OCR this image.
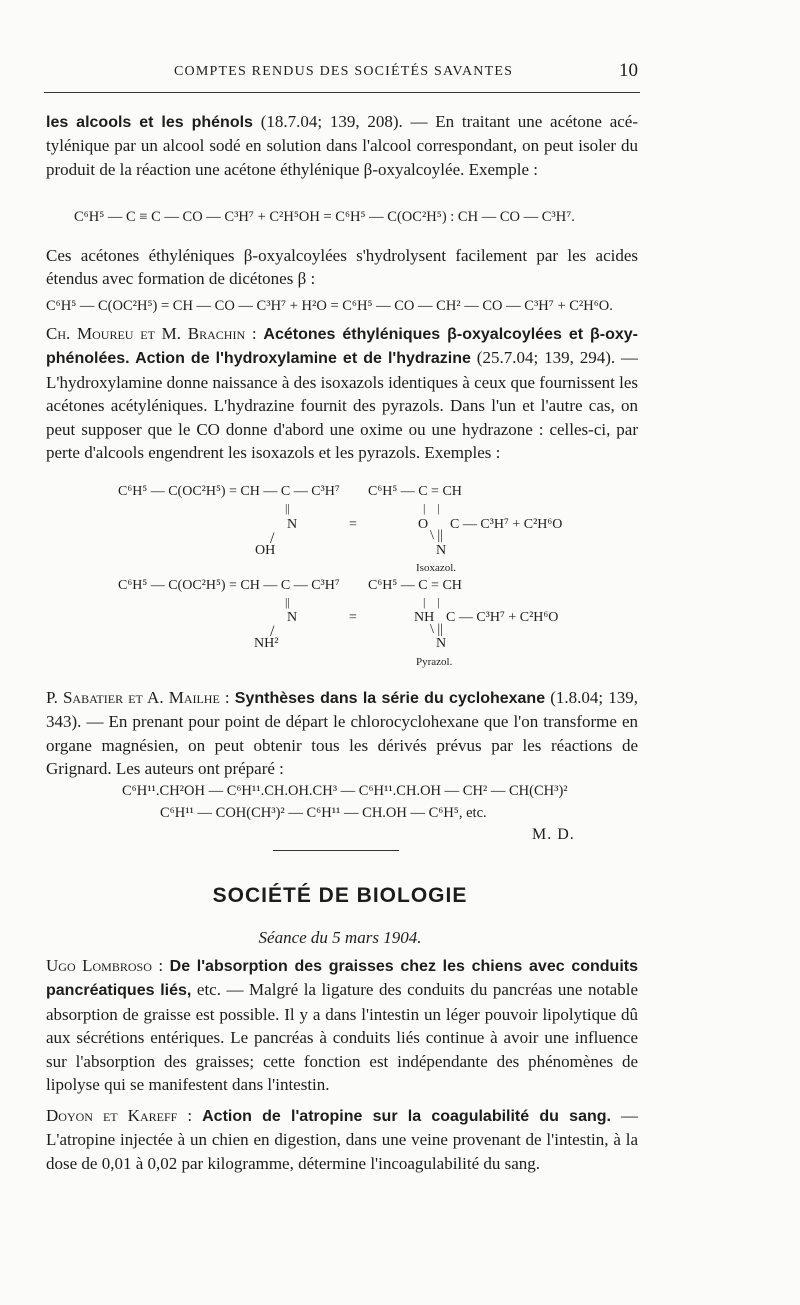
COMPTES RENDUS DES SOCIÉTÉS SAVANTES	10
les alcools et les phénols (18.7.04; 139, 208). — En traitant une acétone acé-tylénique par un alcool sodé en solution dans l'alcool correspondant, on peut isoler du produit de la réaction une acétone éthylénique β-oxyalcoylée. Exemple :
C⁶H⁵ — C ≡ C — CO — C³H⁷ + C²H⁵OH = C⁶H⁵ — C(OC²H⁵) : CH — CO — C³H⁷.
Ces acétones éthyléniques β-oxyalcoylées s'hydrolysent facilement par les acides étendus avec formation de dicétones β :
C⁶H⁵ — C(OC²H⁵) = CH — CO — C³H⁷ + H²O = C⁶H⁵ — CO — CH² — CO — C³H⁷ + C²H⁶O.
Ch. Moureu et M. Brachin : Acétones éthyléniques β-oxyalcoylées et β-oxy-phénolées. Action de l'hydroxylamine et de l'hydrazine (25.7.04; 139, 294). — L'hydroxylamine donne naissance à des isoxazols identiques à ceux que fournissent les acétones acétyléniques. L'hydrazine fournit des pyrazols. Dans l'un et l'autre cas, on peut supposer que le CO donne d'abord une oxime ou une hydrazone : celles-ci, par perte d'alcools engendrent les isoxazols et les pyrazols. Exemples :
C⁶H⁵ — C(OC²H⁵) = CH — C — C³H⁷ C⁶H⁵ — C = CH
||
N	=
|    |
O C — C³H⁷ + C²H⁶O
/
OH
\ ||
N
Isoxazol.
C⁶H⁵ — C(OC²H⁵) = CH — C — C³H⁷ C⁶H⁵ — C = CH
||
N	=
|    |
NH C — C³H⁷ + C²H⁶O
/
NH²
\ ||
N
Pyrazol.
P. Sabatier et A. Mailhe : Synthèses dans la série du cyclohexane (1.8.04; 139, 343). — En prenant pour point de départ le chlorocyclohexane que l'on transforme en organe magnésien, on peut obtenir tous les dérivés prévus par les réactions de Grignard. Les auteurs ont préparé :
C⁶H¹¹.CH²OH — C⁶H¹¹.CH.OH.CH³ — C⁶H¹¹.CH.OH — CH² — CH(CH³)²
C⁶H¹¹ — COH(CH³)² — C⁶H¹¹ — CH.OH — C⁶H⁵, etc.
M. D.
SOCIÉTÉ DE BIOLOGIE
Séance du 5 mars 1904.
Ugo Lombroso : De l'absorption des graisses chez les chiens avec conduits pancréatiques liés, etc. — Malgré la ligature des conduits du pancréas une notable absorption de graisse est possible. Il y a dans l'intestin un léger pouvoir lipolytique dû aux sécrétions entériques. Le pancréas à conduits liés continue à avoir une influence sur l'absorption des graisses; cette fonction est indépendante des phénomènes de lipolyse qui se manifestent dans l'intestin.
Doyon et Kareff : Action de l'atropine sur la coagulabilité du sang. — L'atropine injectée à un chien en digestion, dans une veine provenant de l'intestin, à la dose de 0,01 à 0,02 par kilogramme, détermine l'incoagulabilité du sang.
